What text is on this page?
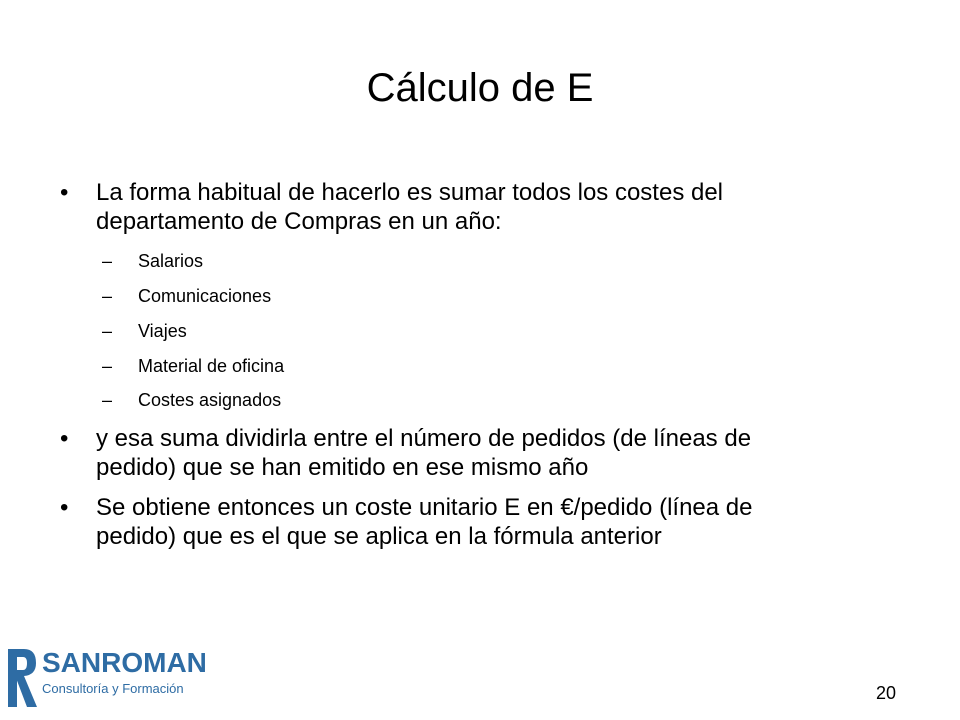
Cálculo de E
• La forma habitual de hacerlo es sumar todos los costes del
departamento de Compras en un año:
– Salarios
– Comunicaciones
– Viajes
– Material de oficina
– Costes asignados
• y esa suma dividirla entre el número de pedidos (de líneas de
pedido) que se han emitido en ese mismo año
• Se obtiene entonces un coste unitario E en €/pedido (línea de
pedido) que es el que se aplica en la fórmula anterior
SANROMAN
Consultoría y Formación	20
